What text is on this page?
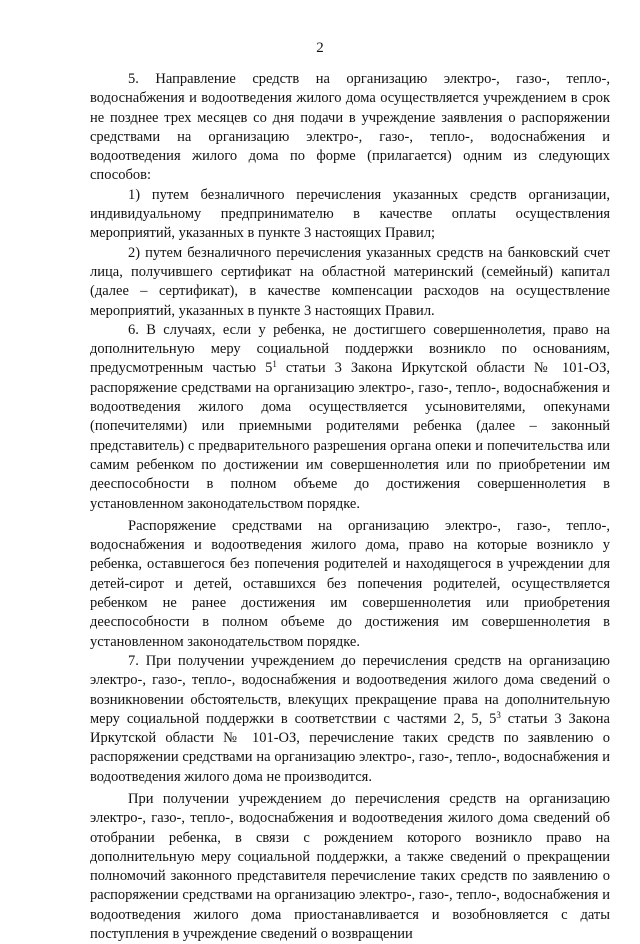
2

5. Направление средств на организацию электро-, газо-, тепло-, водоснабжения и водоотведения жилого дома осуществляется учреждением в срок не позднее трех месяцев со дня подачи в учреждение заявления о распоряжении средствами на организацию электро-, газо-, тепло-, водоснабжения и водоотведения жилого дома по форме (прилагается) одним из следующих способов:

1) путем безналичного перечисления указанных средств организации, индивидуальному предпринимателю в качестве оплаты осуществления мероприятий, указанных в пункте 3 настоящих Правил;

2) путем безналичного перечисления указанных средств на банковский счет лица, получившего сертификат на областной материнский (семейный) капитал (далее – сертификат), в качестве компенсации расходов на осуществление мероприятий, указанных в пункте 3 настоящих Правил.

6. В случаях, если у ребенка, не достигшего совершеннолетия, право на дополнительную меру социальной поддержки возникло по основаниям, предусмотренным частью $5^1$ статьи 3 Закона Иркутской области № 101-ОЗ, распоряжение средствами на организацию электро-, газо-, тепло-, водоснабжения и водоотведения жилого дома осуществляется усыновителями, опекунами (попечителями) или приемными родителями ребенка (далее – законный представитель) с предварительного разрешения органа опеки и попечительства или самим ребенком по достижении им совершеннолетия или по приобретении им дееспособности в полном объеме до достижения совершеннолетия в установленном законодательством порядке.

Распоряжение средствами на организацию электро-, газо-, тепло-, водоснабжения и водоотведения жилого дома, право на которые возникло у ребенка, оставшегося без попечения родителей и находящегося в учреждении для детей-сирот и детей, оставшихся без попечения родителей, осуществляется ребенком не ранее достижения им совершеннолетия или приобретения дееспособности в полном объеме до достижения им совершеннолетия в установленном законодательством порядке.

7. При получении учреждением до перечисления средств на организацию электро-, газо-, тепло-, водоснабжения и водоотведения жилого дома сведений о возникновении обстоятельств, влекущих прекращение права на дополнительную меру социальной поддержки в соответствии с частями 2, 5, $5^3$ статьи 3 Закона Иркутской области № 101-ОЗ, перечисление таких средств по заявлению о распоряжении средствами на организацию электро-, газо-, тепло-, водоснабжения и водоотведения жилого дома не производится.

При получении учреждением до перечисления средств на организацию электро-, газо-, тепло-, водоснабжения и водоотведения жилого дома сведений об отобрании ребенка, в связи с рождением которого возникло право на дополнительную меру социальной поддержки, а также сведений о прекращении полномочий законного представителя перечисление таких средств по заявлению о распоряжении средствами на организацию электро-, газо-, тепло-, водоснабжения и водоотведения жилого дома приостанавливается и возобновляется с даты поступления в учреждение сведений о возвращении
